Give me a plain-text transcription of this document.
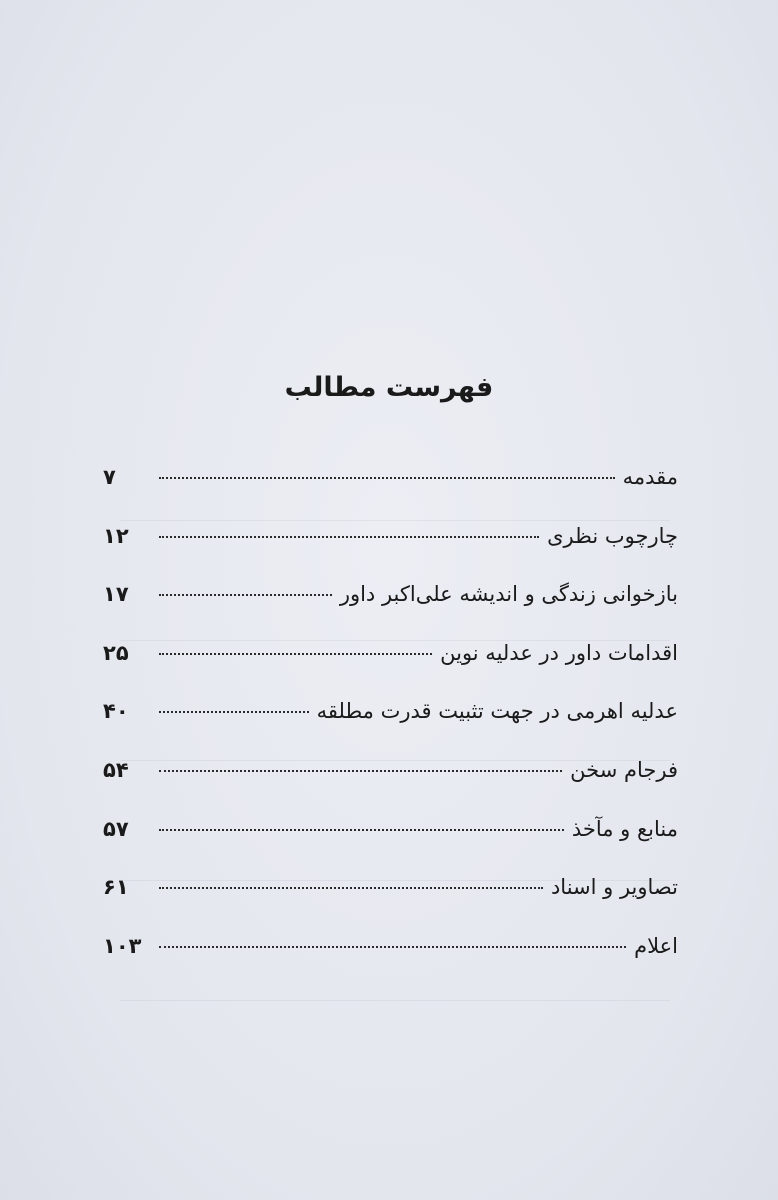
فهرست مطالب
مقدمه
۷
چارچوب نظری
۱۲
بازخوانی زندگی و اندیشه علی‌اکبر داور
۱۷
اقدامات داور در عدلیه نوین
۲۵
عدلیه اهرمی در جهت تثبیت قدرت مطلقه
۴۰
فرجام سخن
۵۴
منابع و مآخذ
۵۷
تصاویر و اسناد
۶۱
اعلام
۱۰۳
